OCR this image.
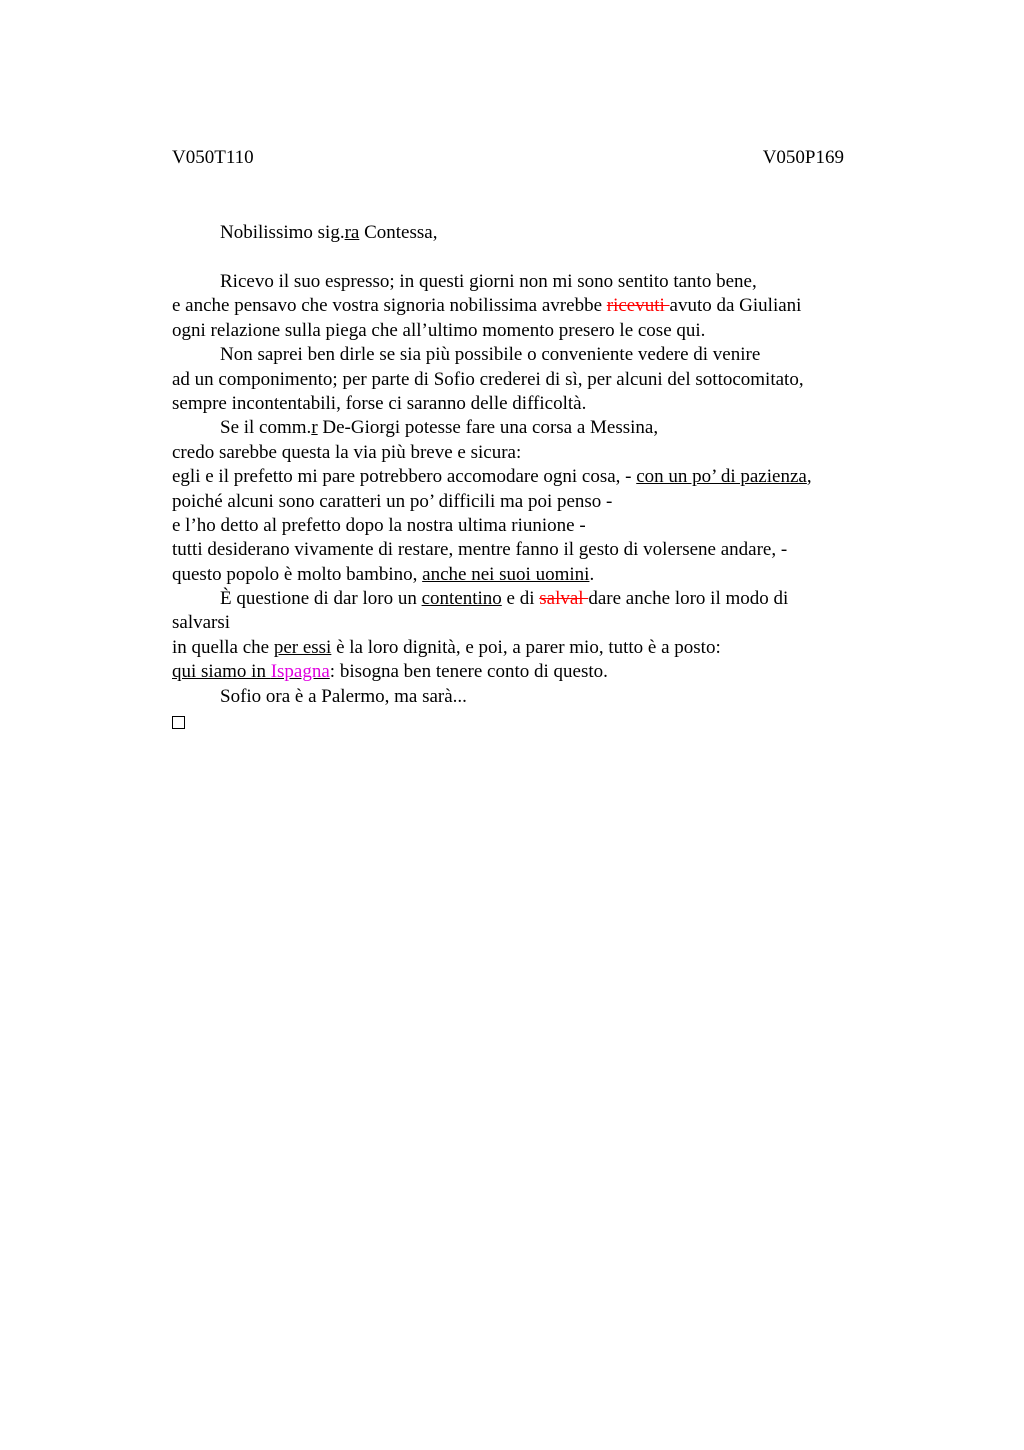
V050T110	V050P169
Nobilissimo sig.ra Contessa,
Ricevo il suo espresso; in questi giorni non mi sono sentito tanto bene,
e anche pensavo che vostra signoria nobilissima avrebbe ricevuti avuto da Giuliani
ogni relazione sulla piega che all’ultimo momento presero le cose qui.
Non saprei ben dirle se sia più possibile o conveniente vedere di venire
ad un componimento; per parte di Sofio crederei di sì, per alcuni del sottocomitato,
sempre incontentabili, forse ci saranno delle difficoltà.
Se il comm.r De-Giorgi potesse fare una corsa a Messina,
credo sarebbe questa la via più breve e sicura:
egli e il prefetto mi pare potrebbero accomodare ogni cosa, - con un po’ di pazienza,
poiché alcuni sono caratteri un po’ difficili ma poi penso -
e l’ho detto al prefetto dopo la nostra ultima riunione -
tutti desiderano vivamente di restare, mentre fanno il gesto di volersene andare, -
questo popolo è molto bambino, anche nei suoi uomini.
È questione di dar loro un contentino e di salval dare anche loro il modo di
salvarsi
in quella che per essi è la loro dignità, e poi, a parer mio, tutto è a posto:
qui siamo in Ispagna: bisogna ben tenere conto di questo.
Sofio ora è a Palermo, ma sarà...
